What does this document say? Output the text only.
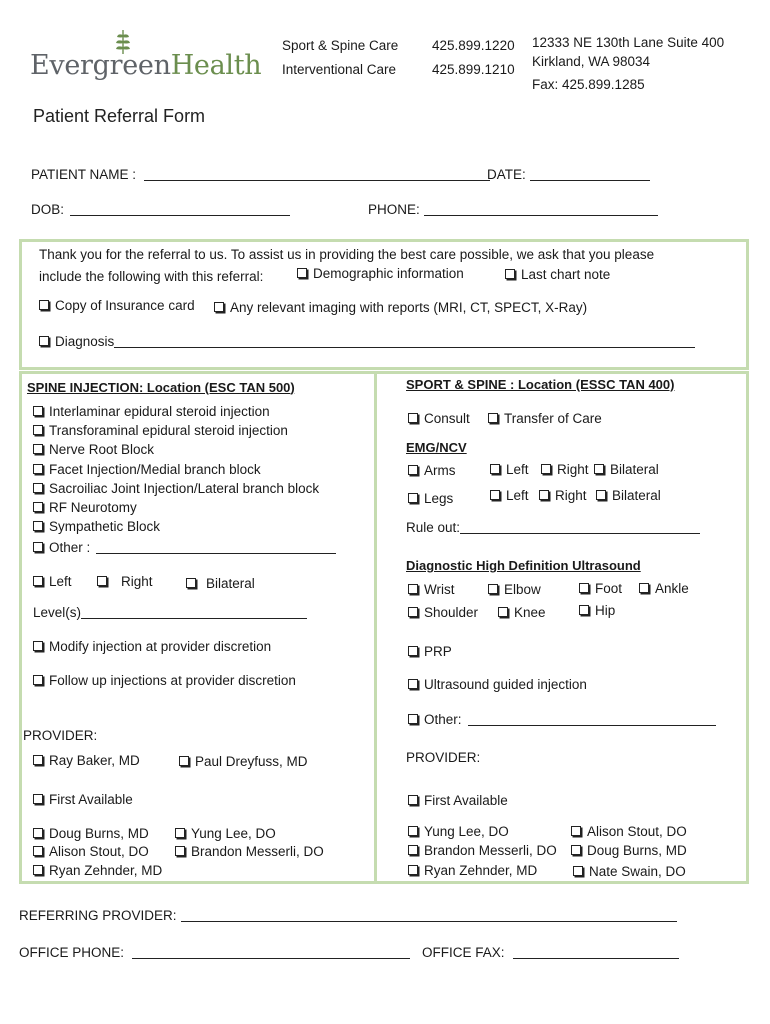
EvergreenHealth
Sport & Spine Care 425.899.1220
Interventional Care	425.899.1210
12333 NE 130th Lane Suite 400
Kirkland, WA 98034
Fax: 425.899.1285
Patient Referral Form
PATIENT NAME :	DATE:
DOB:	PHONE:
Thank you for the referral to us. To assist us in providing the best care possible, we ask that you please
include the following with this referral:	Demographic information	Last chart note
Copy of Insurance card	Any relevant imaging with reports (MRI, CT, SPECT, X-Ray)
Diagnosis
SPINE INJECTION: Location (ESC TAN 500)
Interlaminar epidural steroid injection
Transforaminal epidural steroid injection
Nerve Root Block
Facet Injection/Medial branch block
Sacroiliac Joint Injection/Lateral branch block
RF Neurotomy
Sympathetic Block
Other :
Left	Right	Bilateral
Level(s)
Modify injection at provider discretion
Follow up injections at provider discretion
PROVIDER:
Ray Baker, MD	Paul Dreyfuss, MD
First Available
Doug Burns, MD	Yung Lee, DO
Alison Stout, DO	Brandon Messerli, DO
Ryan Zehnder, MD
SPORT & SPINE : Location (ESSC TAN 400)
Consult	Transfer of Care
EMG/NCV
Arms	Left	Right	Bilateral
Legs	Left	Right	Bilateral
Rule out:
Diagnostic High Definition Ultrasound
Wrist	Elbow	Foot	Ankle
Shoulder	Knee	Hip
PRP
Ultrasound guided injection
Other:
PROVIDER:
First Available
Yung Lee, DO	Alison Stout, DO
Brandon Messerli, DO	Doug Burns, MD
Ryan Zehnder, MD	Nate Swain, DO
REFERRING PROVIDER:
OFFICE PHONE:	OFFICE FAX:
